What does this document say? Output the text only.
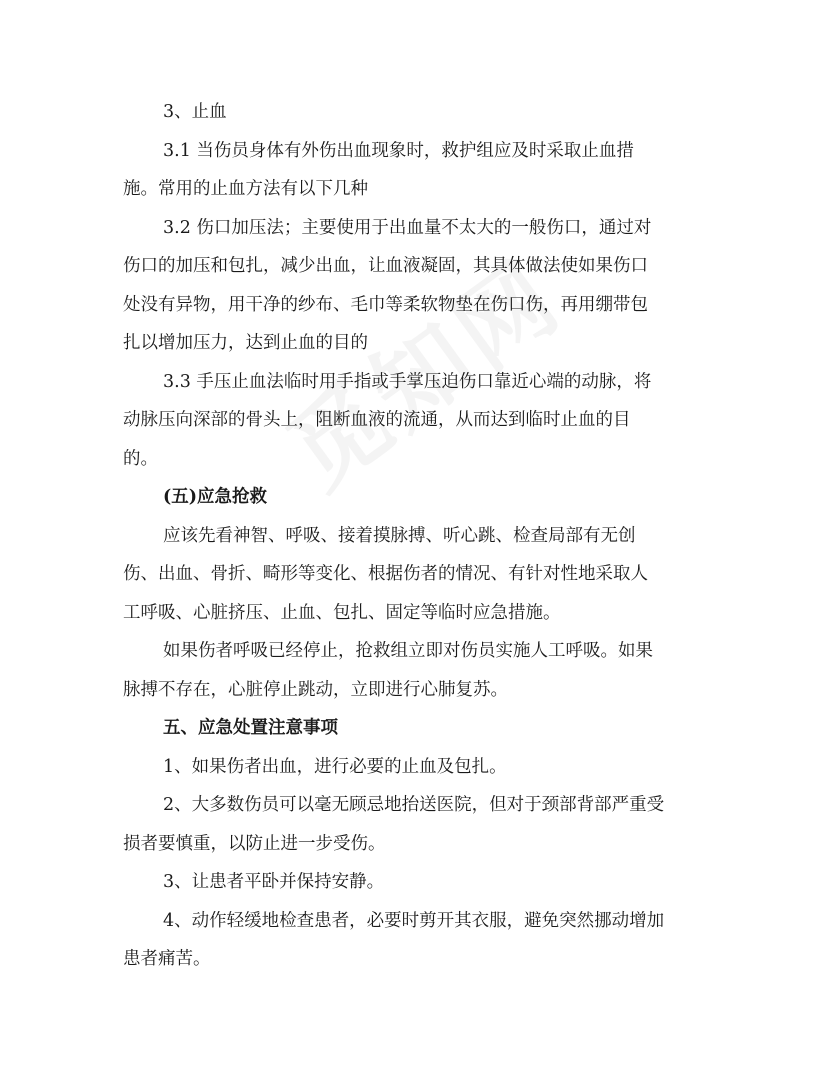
3、止血
3.1 当伤员身体有外伤出血现象时，救护组应及时采取止血措
施。常用的止血方法有以下几种
3.2 伤口加压法；主要使用于出血量不太大的一般伤口，通过对
伤口的加压和包扎，减少出血，让血液凝固，其具体做法使如果伤口
处没有异物，用干净的纱布、毛巾等柔软物垫在伤口伤，再用绷带包
扎以增加压力，达到止血的目的
3.3 手压止血法临时用手指或手掌压迫伤口靠近心端的动脉，将
动脉压向深部的骨头上，阻断血液的流通，从而达到临时止血的目
的。
(五)应急抢救
应该先看神智、呼吸、接着摸脉搏、听心跳、检查局部有无创
伤、出血、骨折、畸形等变化、根据伤者的情况、有针对性地采取人
工呼吸、心脏挤压、止血、包扎、固定等临时应急措施。
如果伤者呼吸已经停止，抢救组立即对伤员实施人工呼吸。如果
脉搏不存在，心脏停止跳动，立即进行心肺复苏。
五、应急处置注意事项
1、如果伤者出血，进行必要的止血及包扎。
2、大多数伤员可以毫无顾忌地抬送医院，但对于颈部背部严重受
损者要慎重，以防止进一步受伤。
3、让患者平卧并保持安静。
4、动作轻缓地检查患者，必要时剪开其衣服，避免突然挪动增加
患者痛苦。
